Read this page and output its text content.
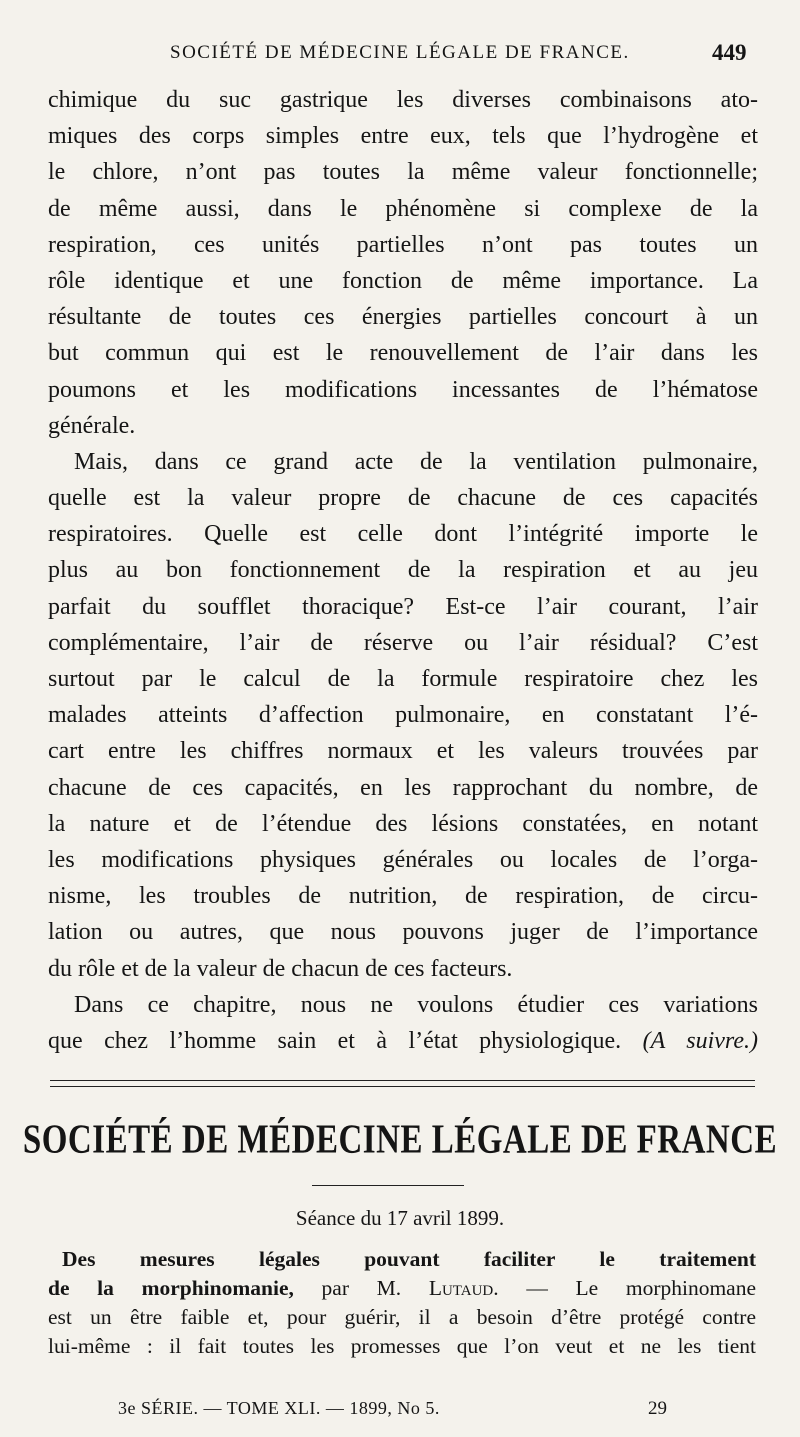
SOCIÉTÉ DE MÉDECINE LÉGALE DE FRANCE.	449
chimique du suc gastrique les diverses combinaisons ato-
miques des corps simples entre eux, tels que l’hydrogène et
le chlore, n’ont pas toutes la même valeur fonctionnelle;
de même aussi, dans le phénomène si complexe de la
respiration, ces unités partielles n’ont pas toutes un
rôle identique et une fonction de même importance. La
résultante de toutes ces énergies partielles concourt à un
but commun qui est le renouvellement de l’air dans les
poumons et les modifications incessantes de l’hématose
générale.
Mais, dans ce grand acte de la ventilation pulmonaire,
quelle est la valeur propre de chacune de ces capacités
respiratoires. Quelle est celle dont l’intégrité importe le
plus au bon fonctionnement de la respiration et au jeu
parfait du soufflet thoracique? Est-ce l’air courant, l’air
complémentaire, l’air de réserve ou l’air résidual? C’est
surtout par le calcul de la formule respiratoire chez les
malades atteints d’affection pulmonaire, en constatant l’é-
cart entre les chiffres normaux et les valeurs trouvées par
chacune de ces capacités, en les rapprochant du nombre, de
la nature et de l’étendue des lésions constatées, en notant
les modifications physiques générales ou locales de l’orga-
nisme, les troubles de nutrition, de respiration, de circu-
lation ou autres, que nous pouvons juger de l’importance
du rôle et de la valeur de chacun de ces facteurs.
Dans ce chapitre, nous ne voulons étudier ces variations
que chez l’homme sain et à l’état physiologique. (A suivre.)
SOCIÉTÉ DE MÉDECINE LÉGALE DE FRANCE
Séance du 17 avril 1899.
Des mesures légales pouvant faciliter le traitement
de la morphinomanie, par M. Lutaud. — Le morphinomane
est un être faible et, pour guérir, il a besoin d’être protégé contre
lui-même : il fait toutes les promesses que l’on veut et ne les tient
3e SÉRIE. — TOME XLI. — 1899, No 5.	29
